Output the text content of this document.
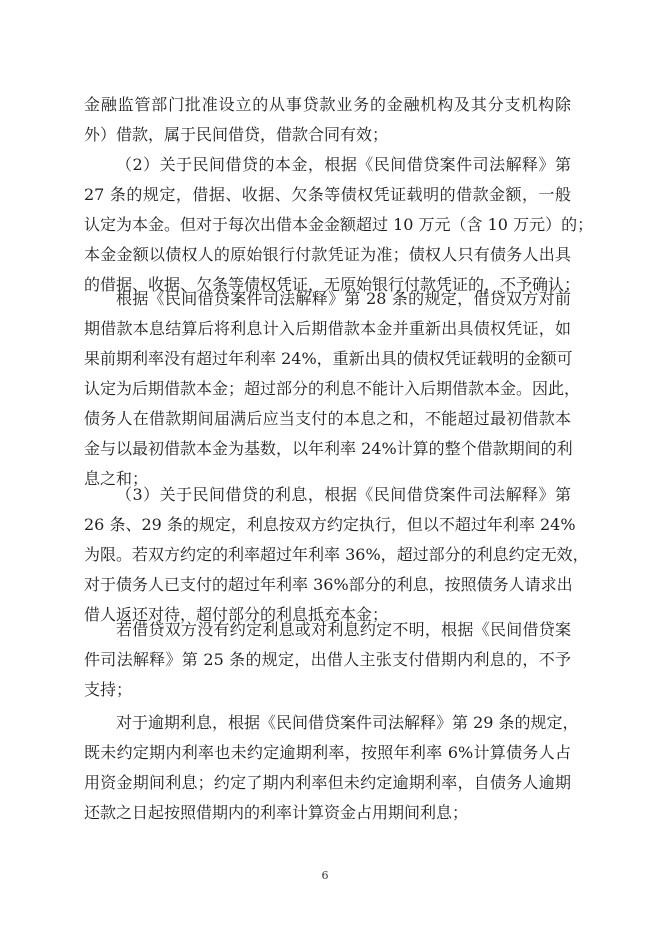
金融监管部门批准设立的从事贷款业务的金融机构及其分支机构除
外）借款，属于民间借贷，借款合同有效；
（2）关于民间借贷的本金，根据《民间借贷案件司法解释》第
27 条的规定，借据、收据、欠条等债权凭证载明的借款金额，一般
认定为本金。但对于每次出借本金金额超过 10 万元（含 10 万元）的；
本金金额以债权人的原始银行付款凭证为准；债权人只有债务人出具
的借据、收据、欠条等债权凭证，无原始银行付款凭证的，不予确认；
根据《民间借贷案件司法解释》第 28 条的规定，借贷双方对前
期借款本息结算后将利息计入后期借款本金并重新出具债权凭证，如
果前期利率没有超过年利率 24%，重新出具的债权凭证载明的金额可
认定为后期借款本金；超过部分的利息不能计入后期借款本金。因此，
债务人在借款期间届满后应当支付的本息之和，不能超过最初借款本
金与以最初借款本金为基数，以年利率 24%计算的整个借款期间的利
息之和；
（3）关于民间借贷的利息，根据《民间借贷案件司法解释》第
26 条、29 条的规定，利息按双方约定执行，但以不超过年利率 24%
为限。若双方约定的利率超过年利率 36%，超过部分的利息约定无效，
对于债务人已支付的超过年利率 36%部分的利息，按照债务人请求出
借人返还对待，超付部分的利息抵充本金；
若借贷双方没有约定利息或对利息约定不明，根据《民间借贷案
件司法解释》第 25 条的规定，出借人主张支付借期内利息的，不予
支持；
对于逾期利息，根据《民间借贷案件司法解释》第 29 条的规定，
既未约定期内利率也未约定逾期利率，按照年利率 6%计算债务人占
用资金期间利息；约定了期内利率但未约定逾期利率，自债务人逾期
还款之日起按照借期内的利率计算资金占用期间利息；
6
